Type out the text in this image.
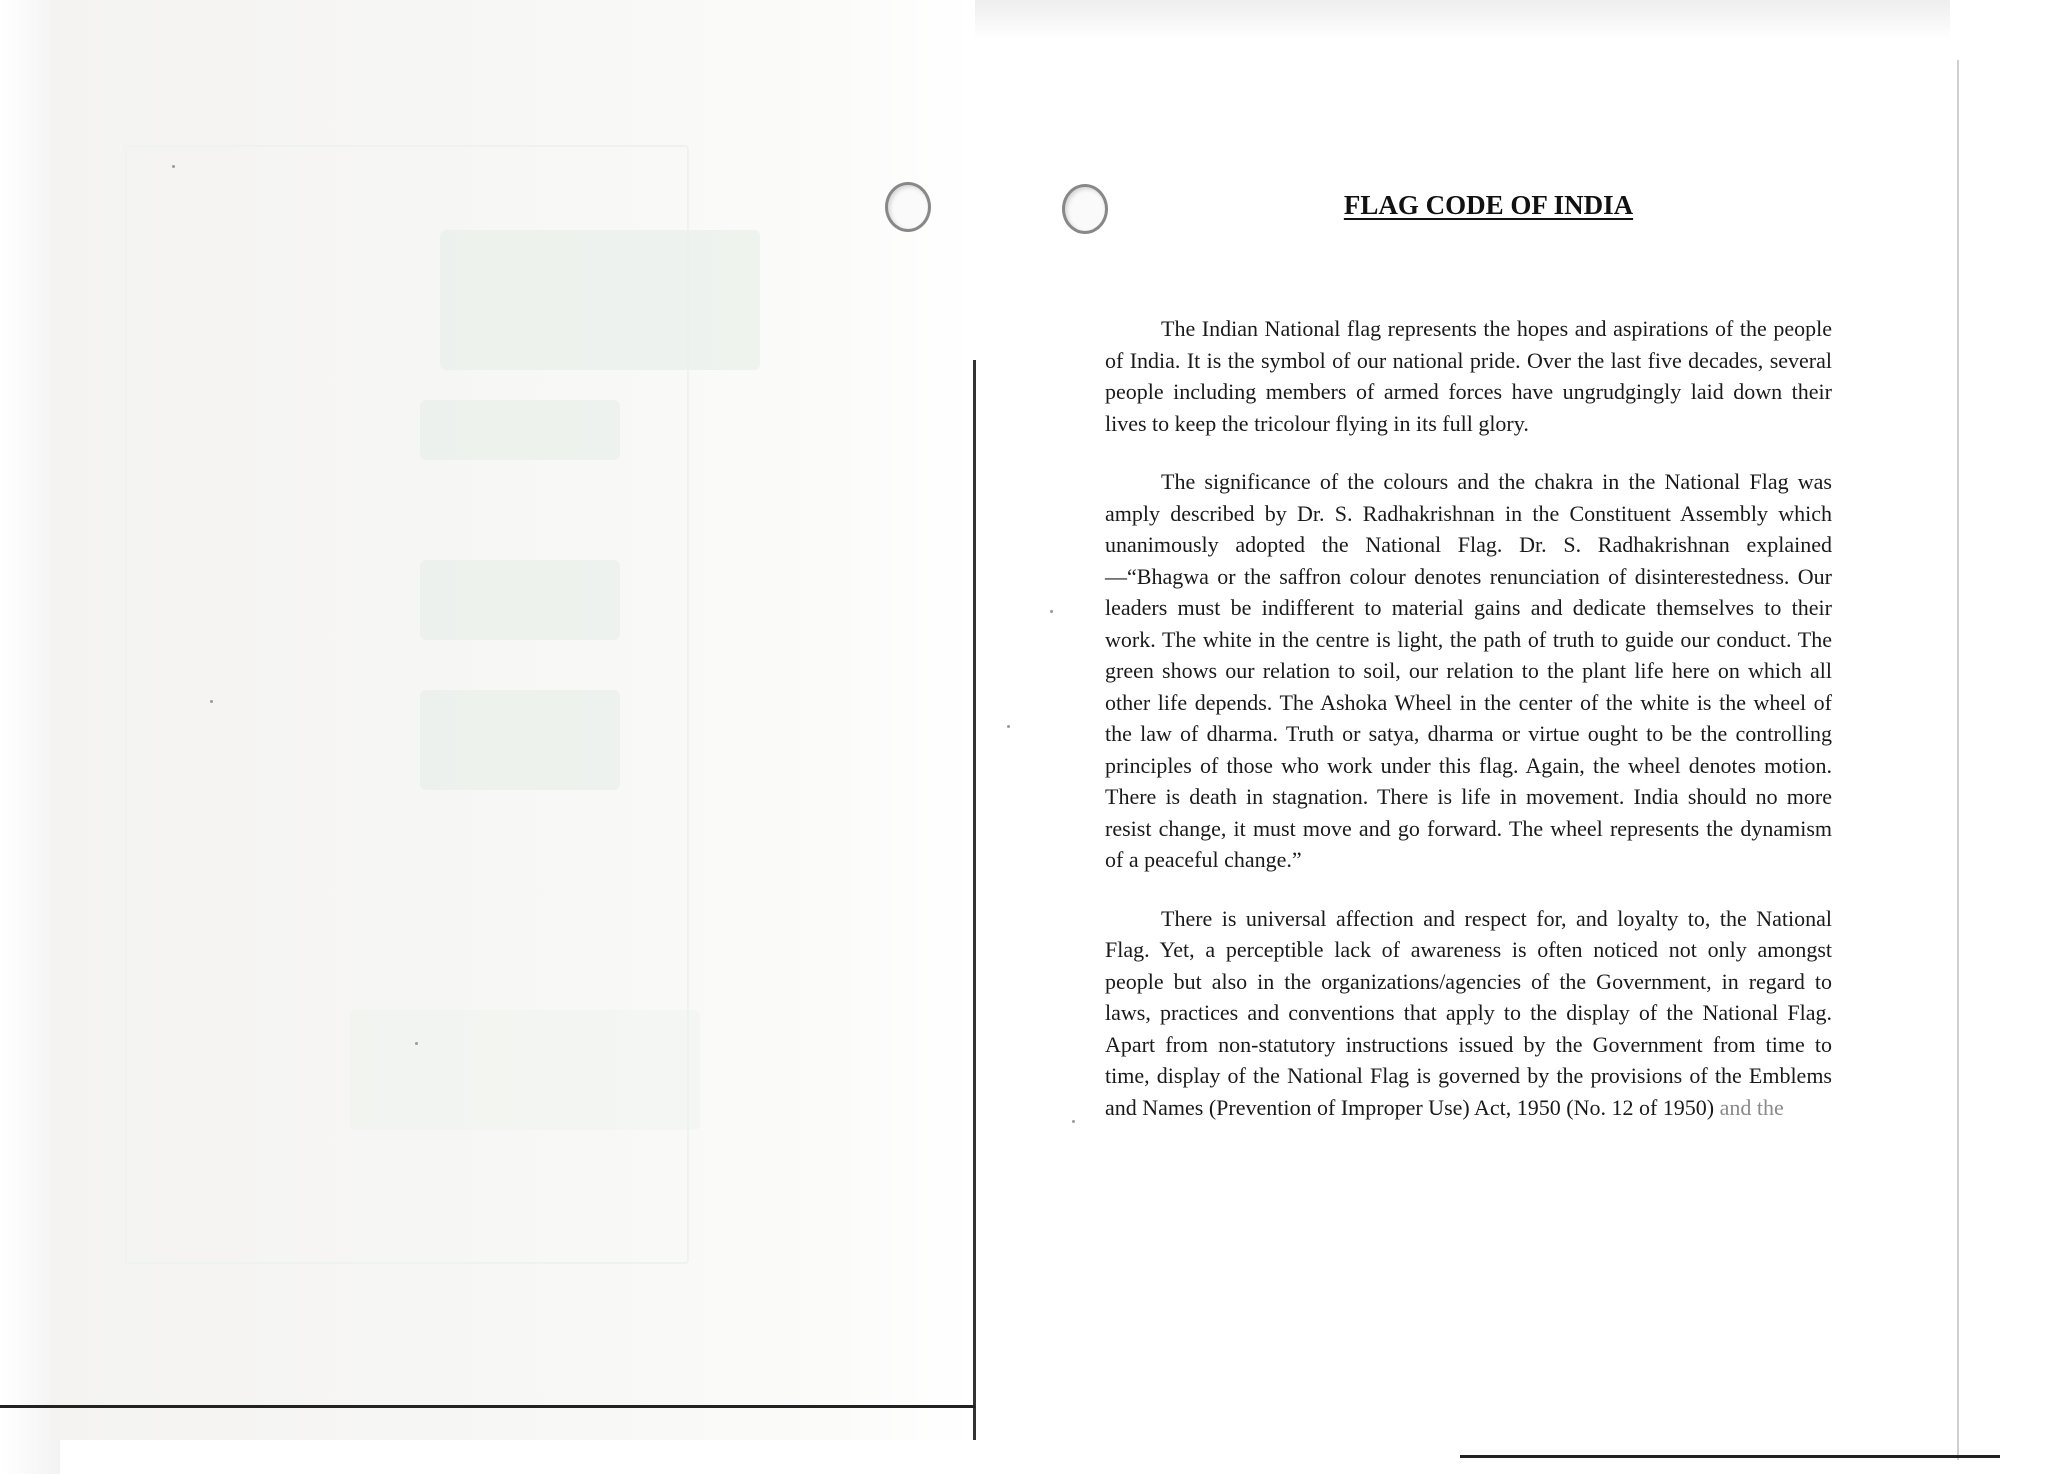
FLAG CODE OF INDIA

The Indian National flag represents the hopes and aspirations of the people of India. It is the symbol of our national pride. Over the last five decades, several people including members of armed forces have ungrudgingly laid down their lives to keep the tricolour flying in its full glory.

The significance of the colours and the chakra in the National Flag was amply described by Dr. S. Radhakrishnan in the Constituent Assembly which unanimously adopted the National Flag. Dr. S. Radhakrishnan explained—“Bhagwa or the saffron colour denotes renunciation of disinterestedness. Our leaders must be indifferent to material gains and dedicate themselves to their work. The white in the centre is light, the path of truth to guide our conduct. The green shows our relation to soil, our relation to the plant life here on which all other life depends. The Ashoka Wheel in the center of the white is the wheel of the law of dharma. Truth or satya, dharma or virtue ought to be the controlling principles of those who work under this flag. Again, the wheel denotes motion. There is death in stagnation. There is life in movement. India should no more resist change, it must move and go forward. The wheel represents the dynamism of a peaceful change.”

There is universal affection and respect for, and loyalty to, the National Flag. Yet, a perceptible lack of awareness is often noticed not only amongst people but also in the organizations/agencies of the Government, in regard to laws, practices and conventions that apply to the display of the National Flag. Apart from non-statutory instructions issued by the Government from time to time, display of the National Flag is governed by the provisions of the Emblems and Names (Prevention of Improper Use) Act, 1950 (No. 12 of 1950) and the
